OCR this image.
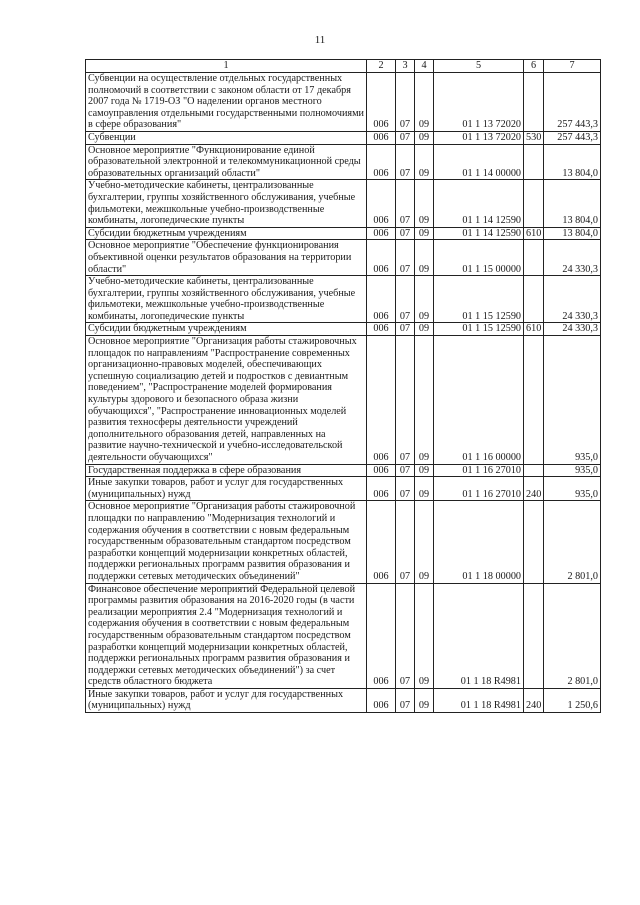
11
1	2	3	4	5	6	7
Субвенции на осуществление отдельных государственных полномочий в соответствии с законом области от 17 декабря 2007 года № 1719-ОЗ "О наделении органов местного самоуправления отдельными государственными полномочиями в сфере образования"	006	07	09	01 1 13 72020		257 443,3
Субвенции	006	07	09	01 1 13 72020	530	257 443,3
Основное мероприятие "Функционирование единой образовательной электронной и телекоммуникационной среды образовательных организаций области"	006	07	09	01 1 14 00000		13 804,0
Учебно-методические кабинеты, централизованные бухгалтерии, группы хозяйственного обслуживания, учебные фильмотеки, межшкольные учебно-производственные комбинаты, логопедические пункты	006	07	09	01 1 14 12590		13 804,0
Субсидии бюджетным учреждениям	006	07	09	01 1 14 12590	610	13 804,0
Основное мероприятие "Обеспечение функционирования объективной оценки результатов образования на территории области"	006	07	09	01 1 15 00000		24 330,3
Учебно-методические кабинеты, централизованные бухгалтерии, группы хозяйственного обслуживания, учебные фильмотеки, межшкольные учебно-производственные комбинаты, логопедические пункты	006	07	09	01 1 15 12590		24 330,3
Субсидии бюджетным учреждениям	006	07	09	01 1 15 12590	610	24 330,3
Основное мероприятие "Организация работы стажировочных площадок по направлениям "Распространение современных организационно-правовых моделей, обеспечивающих успешную социализацию детей и подростков с девиантным поведением", "Распространение моделей формирования культуры здорового и безопасного образа жизни обучающихся", "Распространение инновационных моделей развития техносферы деятельности учреждений дополнительного образования детей, направленных на развитие научно-технической и учебно-исследовательской деятельности обучающихся"	006	07	09	01 1 16 00000		935,0
Государственная поддержка в сфере образования	006	07	09	01 1 16 27010		935,0
Иные закупки товаров, работ и услуг для государственных (муниципальных) нужд	006	07	09	01 1 16 27010	240	935,0
Основное мероприятие "Организация работы стажировочной площадки по направлению "Модернизация технологий и содержания обучения в соответствии с новым федеральным государственным образовательным стандартом посредством разработки концепций модернизации конкретных областей, поддержки региональных программ развития образования и поддержки сетевых методических объединений"	006	07	09	01 1 18 00000		2 801,0
Финансовое обеспечение мероприятий Федеральной целевой программы развития образования на 2016-2020 годы (в части реализации мероприятия 2.4 "Модернизация технологий и содержания обучения в соответствии с новым федеральным государственным образовательным стандартом посредством разработки концепций модернизации конкретных областей, поддержки региональных программ развития образования и поддержки сетевых методических объединений") за счет средств областного бюджета	006	07	09	01 1 18 R4981		2 801,0
Иные закупки товаров, работ и услуг для государственных (муниципальных) нужд	006	07	09	01 1 18 R4981	240	1 250,6
